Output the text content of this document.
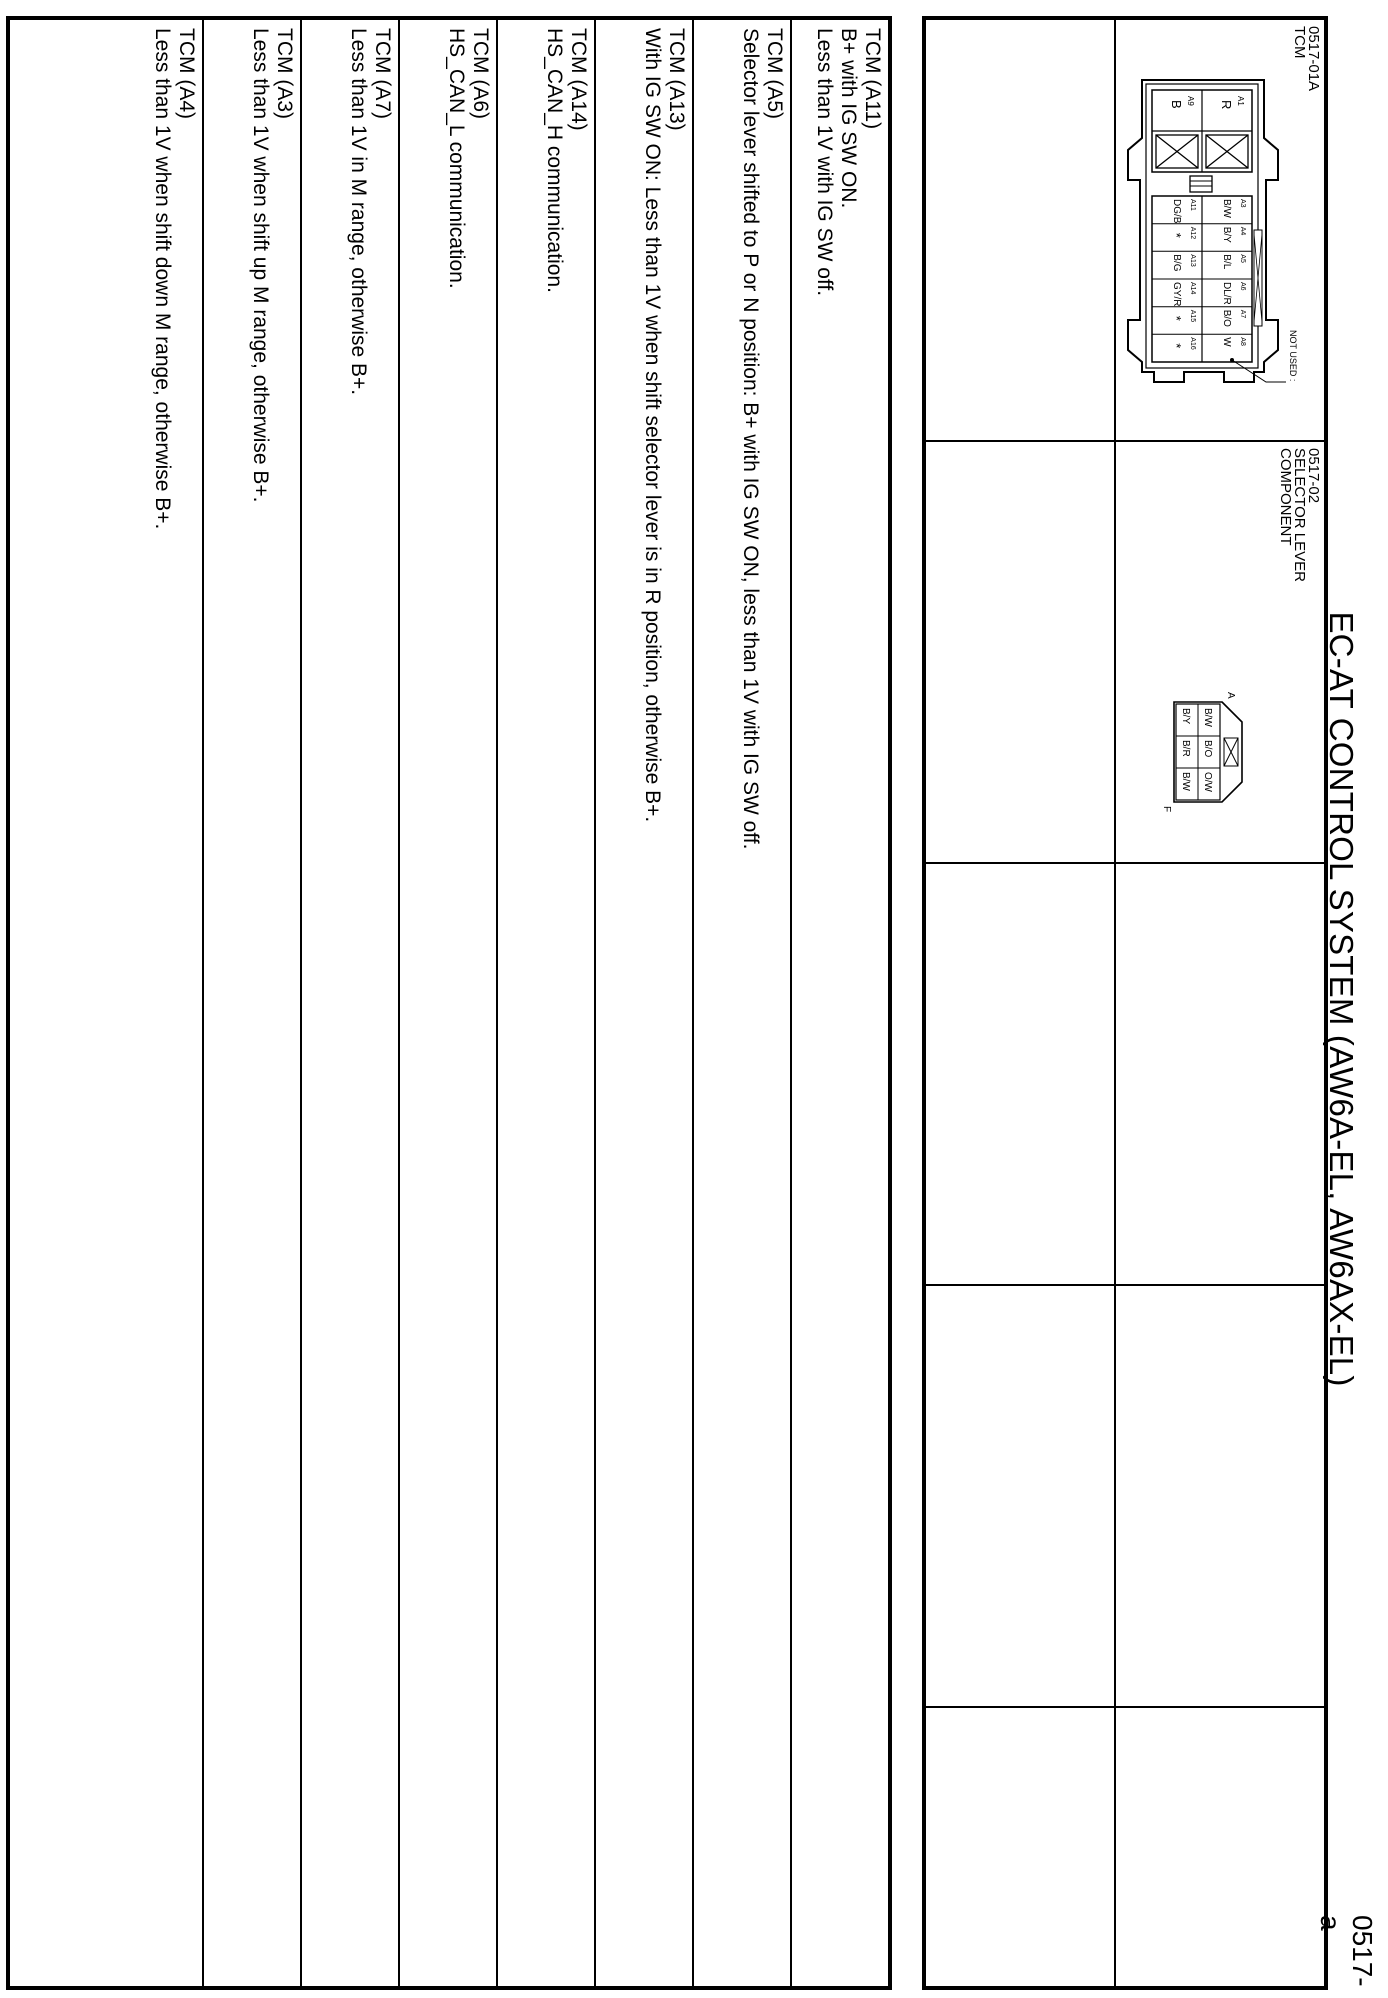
EC-AT CONTROL SYSTEM (AW6A-EL, AW6AX-EL)
0517-a
0517-01A
TCM
A1
R
A9
B
A3
B/W
A4
B/Y
A5
B/L
A6
DL/R
A7
B/O
A8
W
A11
DG/B
A12
*
A13
B/G
A14
GY/R
A15
*
A16
*	NOT USED :
0517-02
SELECTOR LEVER
COMPONENT
B/W
B/O
O/W
B/Y
B/R
B/W
A
F
TCM (A11)
B+ with IG SW ON.
Less than 1V with IG SW off.
TCM (A5)
Selector lever shifted to P or N position: B+ with IG SW ON, less than 1V with IG SW off.
TCM (A13)
With IG SW ON: Less than 1V when shift selector lever is in R position, otherwise B+.
TCM (A14)
HS_CAN_H communication.
TCM (A6)
HS_CAN_L communication.
TCM (A7)
Less than 1V in M range, otherwise B+.
TCM (A3)
Less than 1V when shift up M range, otherwise B+.
TCM (A4)
Less than 1V when shift down M range, otherwise B+.
